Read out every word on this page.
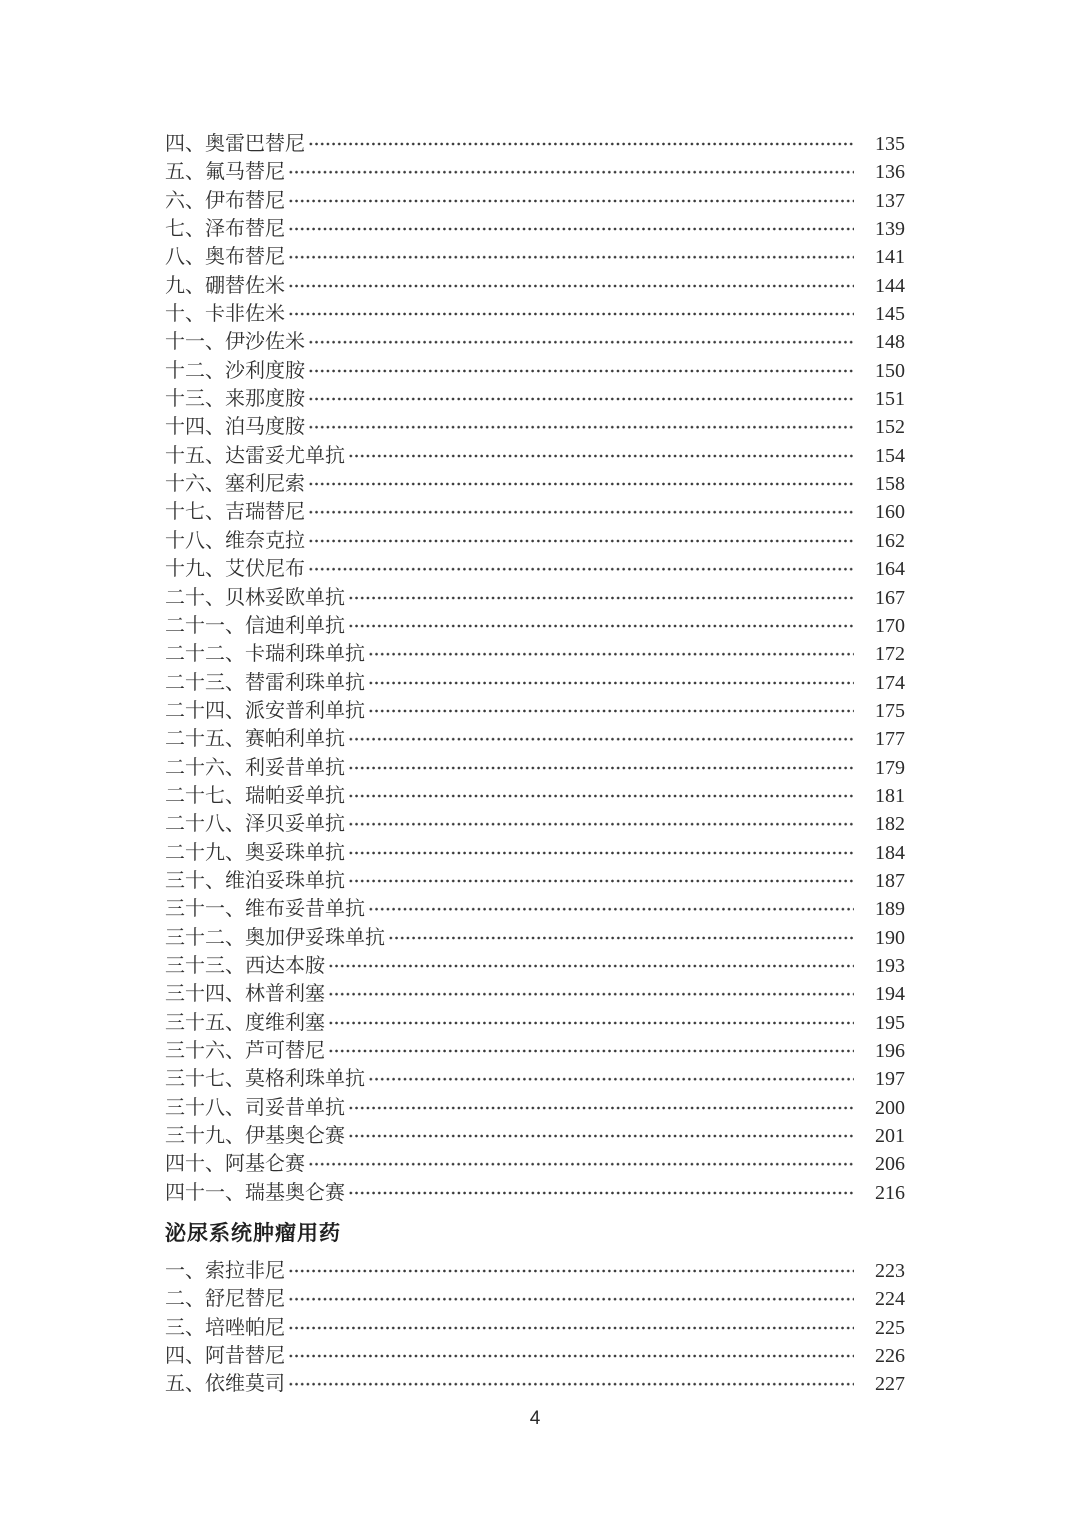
四、奥雷巴替尼	135
五、氟马替尼	136
六、伊布替尼	137
七、泽布替尼	139
八、奥布替尼	141
九、硼替佐米	144
十、卡非佐米	145
十一、伊沙佐米	148
十二、沙利度胺	150
十三、来那度胺	151
十四、泊马度胺	152
十五、达雷妥尤单抗	154
十六、塞利尼索	158
十七、吉瑞替尼	160
十八、维奈克拉	162
十九、艾伏尼布	164
二十、贝林妥欧单抗	167
二十一、信迪利单抗	170
二十二、卡瑞利珠单抗	172
二十三、替雷利珠单抗	174
二十四、派安普利单抗	175
二十五、赛帕利单抗	177
二十六、利妥昔单抗	179
二十七、瑞帕妥单抗	181
二十八、泽贝妥单抗	182
二十九、奥妥珠单抗	184
三十、维泊妥珠单抗	187
三十一、维布妥昔单抗	189
三十二、奥加伊妥珠单抗	190
三十三、西达本胺	193
三十四、林普利塞	194
三十五、度维利塞	195
三十六、芦可替尼	196
三十七、莫格利珠单抗	197
三十八、司妥昔单抗	200
三十九、伊基奥仑赛	201
四十、阿基仑赛	206
四十一、瑞基奥仑赛	216
泌尿系统肿瘤用药
一、索拉非尼	223
二、舒尼替尼	224
三、培唑帕尼	225
四、阿昔替尼	226
五、依维莫司	227
4
